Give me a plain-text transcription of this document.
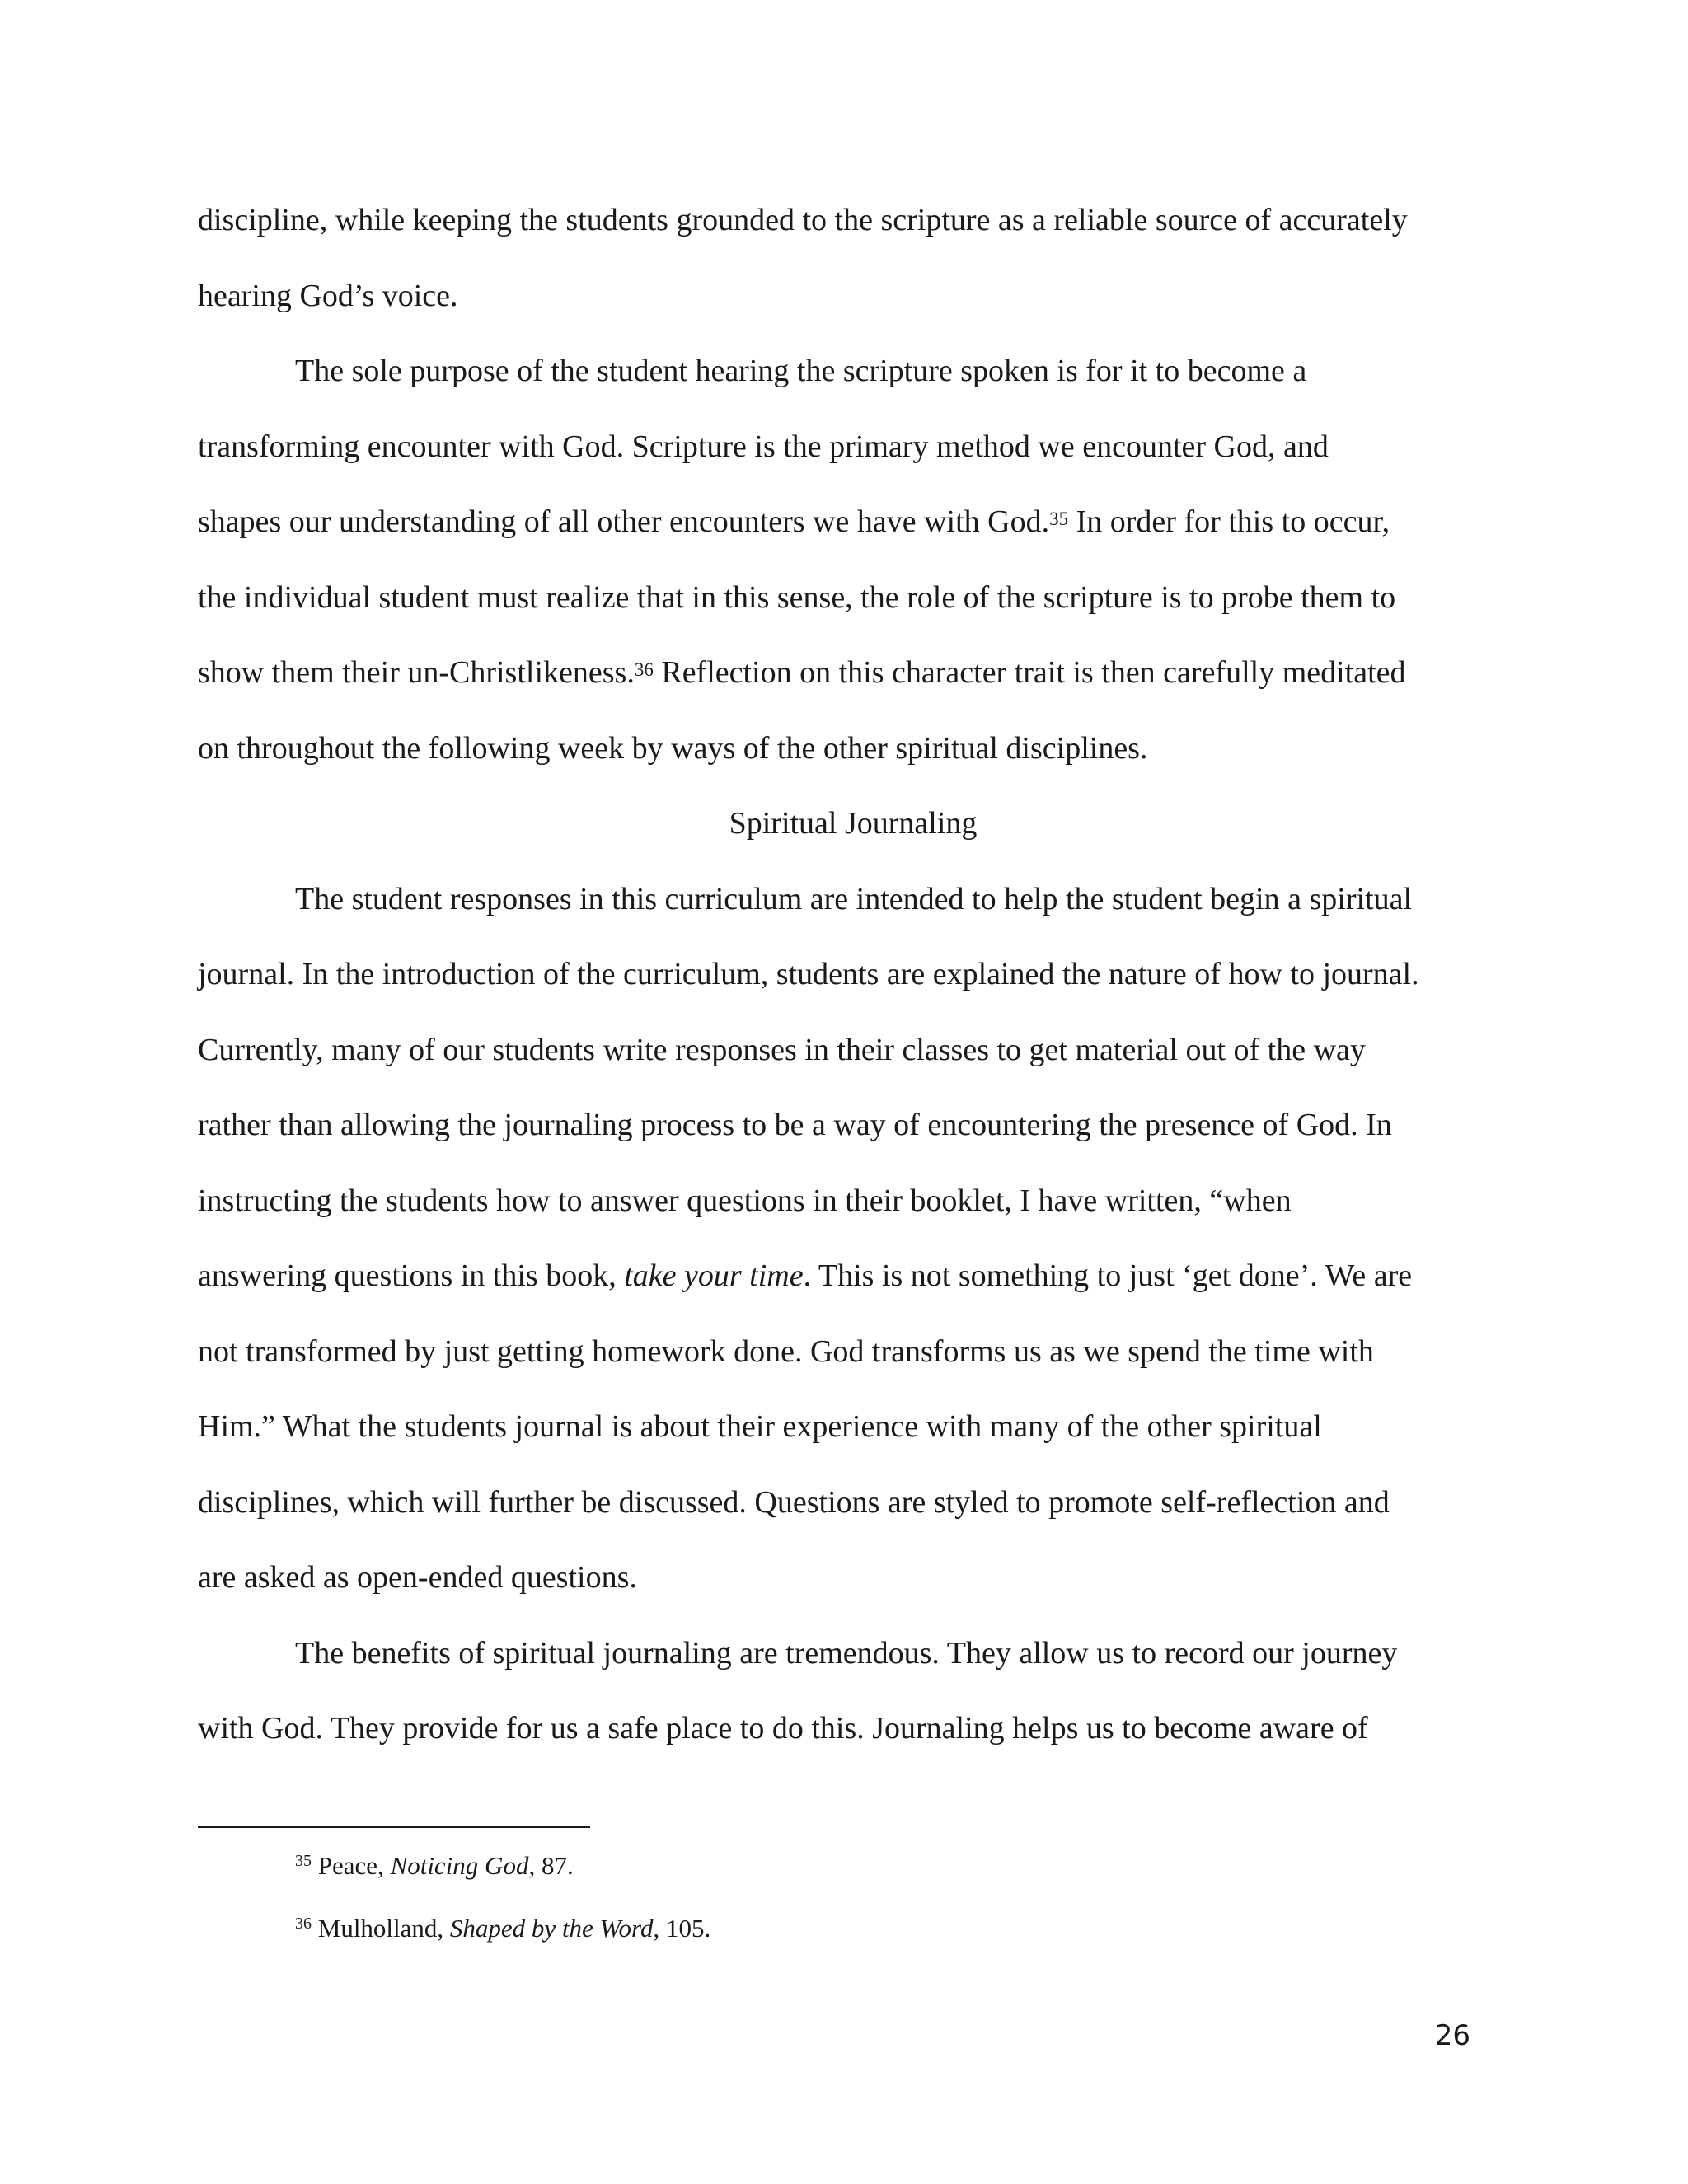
discipline, while keeping the students grounded to the scripture as a reliable source of accurately
hearing God’s voice.
The sole purpose of the student hearing the scripture spoken is for it to become a
transforming encounter with God. Scripture is the primary method we encounter God, and
shapes our understanding of all other encounters we have with God.$^{35}$ In order for this to occur,
the individual student must realize that in this sense, the role of the scripture is to probe them to
show them their un-Christlikeness.$^{36}$ Reflection on this character trait is then carefully meditated
on throughout the following week by ways of the other spiritual disciplines.
Spiritual Journaling
The student responses in this curriculum are intended to help the student begin a spiritual
journal. In the introduction of the curriculum, students are explained the nature of how to journal.
Currently, many of our students write responses in their classes to get material out of the way
rather than allowing the journaling process to be a way of encountering the presence of God. In
instructing the students how to answer questions in their booklet, I have written, “when
answering questions in this book, take your time. This is not something to just ‘get done’. We are
not transformed by just getting homework done. God transforms us as we spend the time with
Him.” What the students journal is about their experience with many of the other spiritual
disciplines, which will further be discussed. Questions are styled to promote self-reflection and
are asked as open-ended questions.
The benefits of spiritual journaling are tremendous. They allow us to record our journey
with God. They provide for us a safe place to do this. Journaling helps us to become aware of
$^{35}$ Peace, Noticing God, 87.
$^{36}$ Mulholland, Shaped by the Word, 105.
26
